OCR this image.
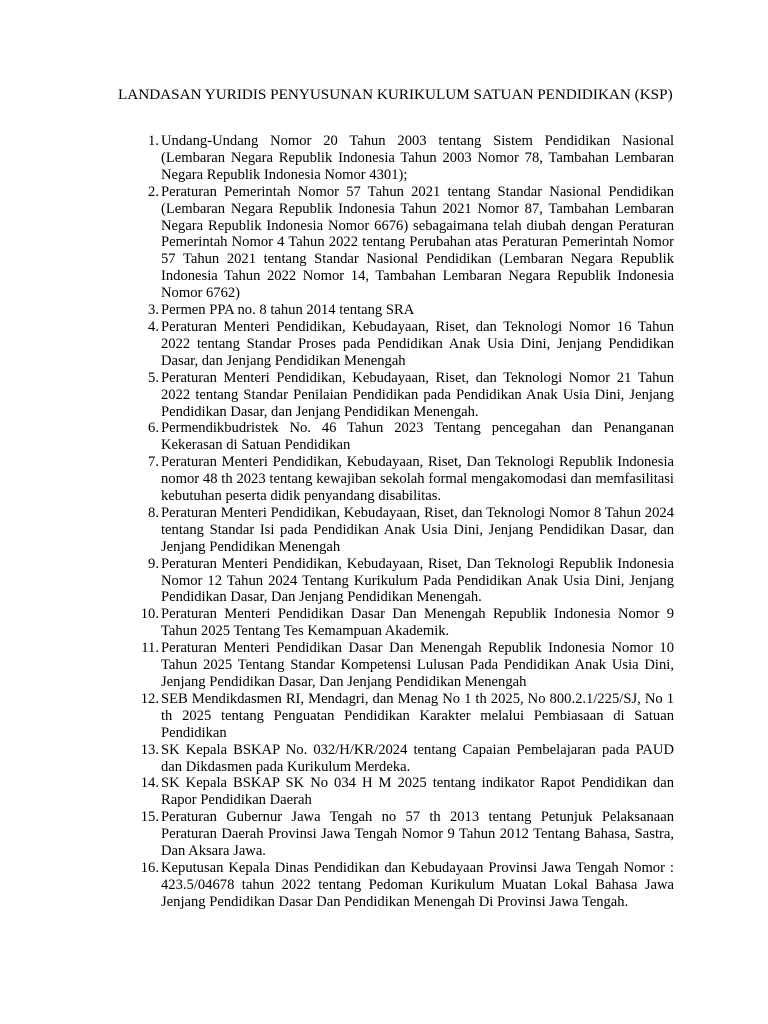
LANDASAN YURIDIS PENYUSUNAN KURIKULUM SATUAN PENDIDIKAN (KSP)
1. Undang-Undang Nomor 20 Tahun 2003 tentang Sistem Pendidikan Nasional (Lembaran Negara Republik Indonesia Tahun 2003 Nomor 78, Tambahan Lembaran Negara Republik Indonesia Nomor 4301);
2. Peraturan Pemerintah Nomor 57 Tahun 2021 tentang Standar Nasional Pendidikan (Lembaran Negara Republik Indonesia Tahun 2021 Nomor 87, Tambahan Lembaran Negara Republik Indonesia Nomor 6676) sebagaimana telah diubah dengan Peraturan Pemerintah Nomor 4 Tahun 2022 tentang Perubahan atas Peraturan Pemerintah Nomor 57 Tahun 2021 tentang Standar Nasional Pendidikan (Lembaran Negara Republik Indonesia Tahun 2022 Nomor 14, Tambahan Lembaran Negara Republik Indonesia Nomor 6762)
3. Permen PPA no. 8 tahun 2014 tentang SRA
4. Peraturan Menteri Pendidikan, Kebudayaan, Riset, dan Teknologi Nomor 16 Tahun 2022 tentang Standar Proses pada Pendidikan Anak Usia Dini, Jenjang Pendidikan Dasar, dan Jenjang Pendidikan Menengah
5. Peraturan Menteri Pendidikan, Kebudayaan, Riset, dan Teknologi Nomor 21 Tahun 2022 tentang Standar Penilaian Pendidikan pada Pendidikan Anak Usia Dini, Jenjang Pendidikan Dasar, dan Jenjang Pendidikan Menengah.
6. Permendikbudristek No. 46 Tahun 2023 Tentang pencegahan dan Penanganan Kekerasan di Satuan Pendidikan
7. Peraturan Menteri Pendidikan, Kebudayaan, Riset, Dan Teknologi Republik Indonesia nomor 48 th 2023 tentang kewajiban sekolah formal mengakomodasi dan memfasilitasi kebutuhan peserta didik penyandang disabilitas.
8. Peraturan Menteri Pendidikan, Kebudayaan, Riset, dan Teknologi Nomor 8 Tahun 2024 tentang Standar Isi pada Pendidikan Anak Usia Dini, Jenjang Pendidikan Dasar, dan Jenjang Pendidikan Menengah
9. Peraturan Menteri Pendidikan, Kebudayaan, Riset, Dan Teknologi Republik Indonesia Nomor 12 Tahun 2024 Tentang Kurikulum Pada Pendidikan Anak Usia Dini, Jenjang Pendidikan Dasar, Dan Jenjang Pendidikan Menengah.
10. Peraturan Menteri Pendidikan Dasar Dan Menengah Republik Indonesia Nomor 9 Tahun 2025 Tentang Tes Kemampuan Akademik.
11. Peraturan Menteri Pendidikan Dasar Dan Menengah Republik Indonesia Nomor 10 Tahun 2025 Tentang Standar Kompetensi Lulusan Pada Pendidikan Anak Usia Dini, Jenjang Pendidikan Dasar, Dan Jenjang Pendidikan Menengah
12. SEB Mendikdasmen RI, Mendagri, dan Menag No 1 th 2025, No 800.2.1/225/SJ, No 1 th 2025 tentang Penguatan Pendidikan Karakter melalui Pembiasaan di Satuan Pendidikan
13. SK Kepala BSKAP No. 032/H/KR/2024 tentang Capaian Pembelajaran pada PAUD dan Dikdasmen pada Kurikulum Merdeka.
14. SK Kepala BSKAP SK No 034 H M 2025 tentang indikator Rapot Pendidikan dan Rapor Pendidikan Daerah
15. Peraturan Gubernur Jawa Tengah no 57 th 2013 tentang Petunjuk Pelaksanaan Peraturan Daerah Provinsi Jawa Tengah Nomor 9 Tahun 2012 Tentang Bahasa, Sastra, Dan Aksara Jawa.
16. Keputusan Kepala Dinas Pendidikan dan Kebudayaan Provinsi Jawa Tengah Nomor : 423.5/04678 tahun 2022 tentang Pedoman Kurikulum Muatan Lokal Bahasa Jawa Jenjang Pendidikan Dasar Dan Pendidikan Menengah Di Provinsi Jawa Tengah.
